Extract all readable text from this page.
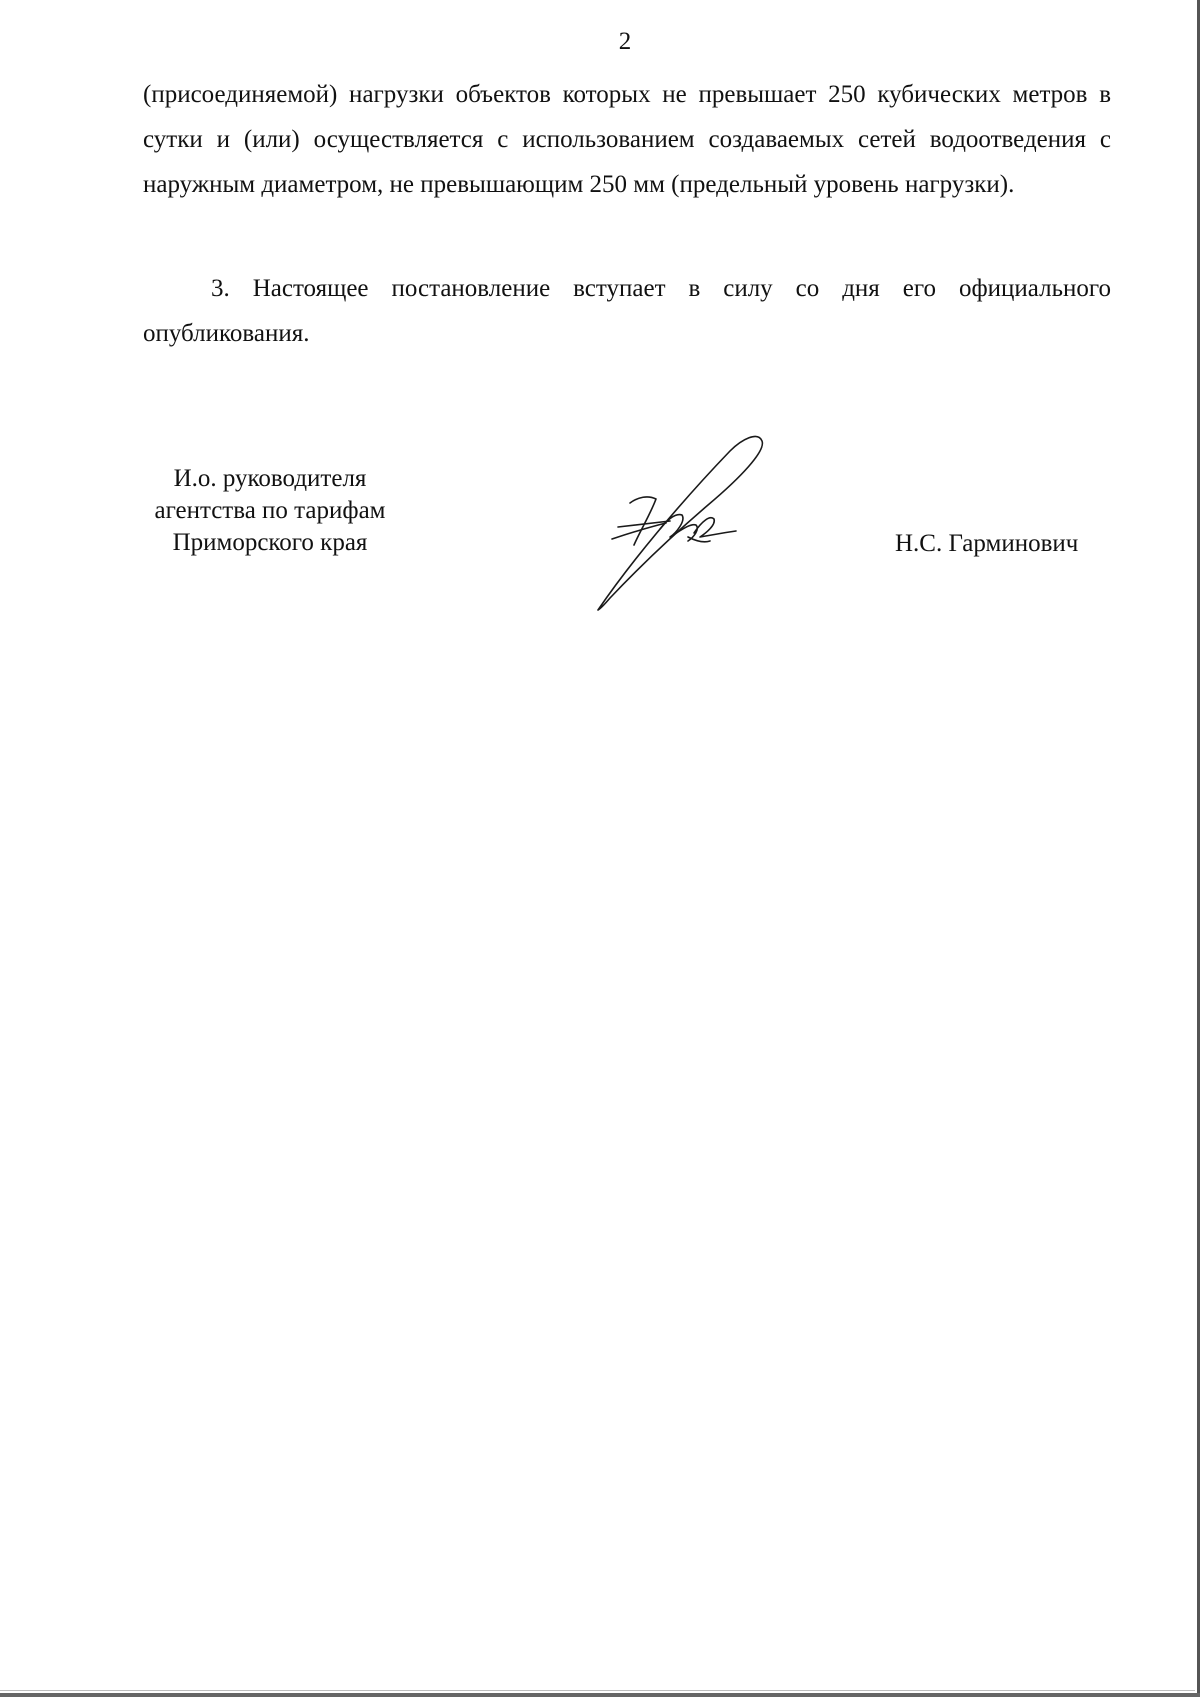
2

(присоединяемой) нагрузки объектов которых не превышает 250 кубических метров в сутки и (или) осуществляется с использованием создаваемых сетей водоотведения с наружным диаметром, не превышающим 250 мм (предельный уровень нагрузки).

3. Настоящее постановление вступает в силу со дня его официального опубликования.

И.о. руководителя
агентства по тарифам
Приморского края	Н.С. Гарминович
